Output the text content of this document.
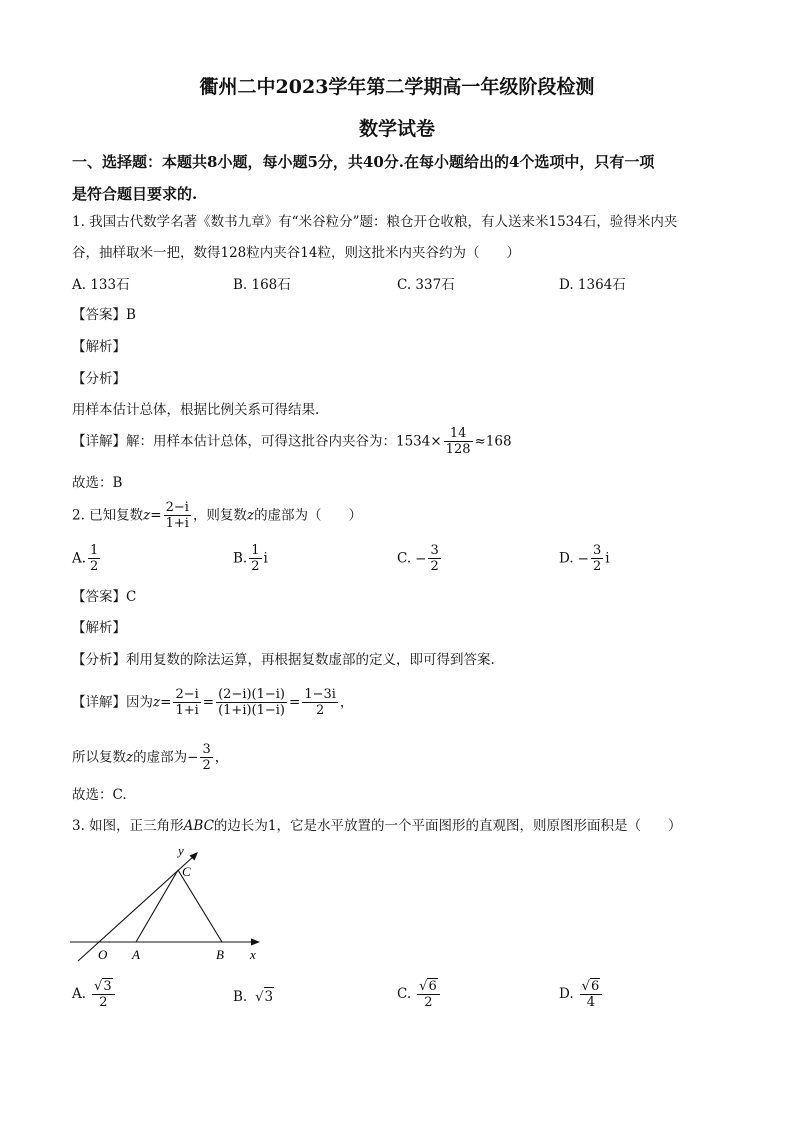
衢州二中2023学年第二学期高一年级阶段检测
数学试卷
一、选择题：本题共8小题，每小题5分，共40分.在每小题给出的4个选项中，只有一项
是符合题目要求的.
1. 我国古代数学名著《数书九章》有“米谷粒分”题：粮仓开仓收粮，有人送来米1534石，验得米内夹
谷，抽样取米一把，数得128粒内夹谷14粒，则这批米内夹谷约为（　　）
A. 133石	B. 168石	C. 337石	D. 1364石
【答案】B
【解析】
【分析】
用样本估计总体，根据比例关系可得结果.
【详解】解：用样本估计总体，可得这批谷内夹谷为：$1534\times \frac{14}{128} \approx 168$
故选：B
2. 已知复数$z= \frac{2-i}{1+i}$ ，则复数z的虚部为（　　）
A. $\frac{1}{2}$	B. $\frac{1}{2}$ i	C. − $\frac{3}{2}$	D. − $\frac{3}{2}$ i
【答案】C
【解析】
【分析】利用复数的除法运算，再根据复数虚部的定义，即可得到答案.
【详解】因为$z= \frac{2-i}{1+i} = \frac{(2-i)(1-i)}{(1+i)(1-i)} = \frac{1-3i}{2}$ ，
所以复数z的虚部为− $\frac{3}{2}$ ，
故选：C.
3. 如图，正三角形ABC的边长为1，它是水平放置的一个平面图形的直观图，则原图形面积是（　　）
y
C
O A	B x
A. $\frac{√3}{2}$	B. √3	C. $\frac{√6}{2}$	D. $\frac{√6}{4}$
